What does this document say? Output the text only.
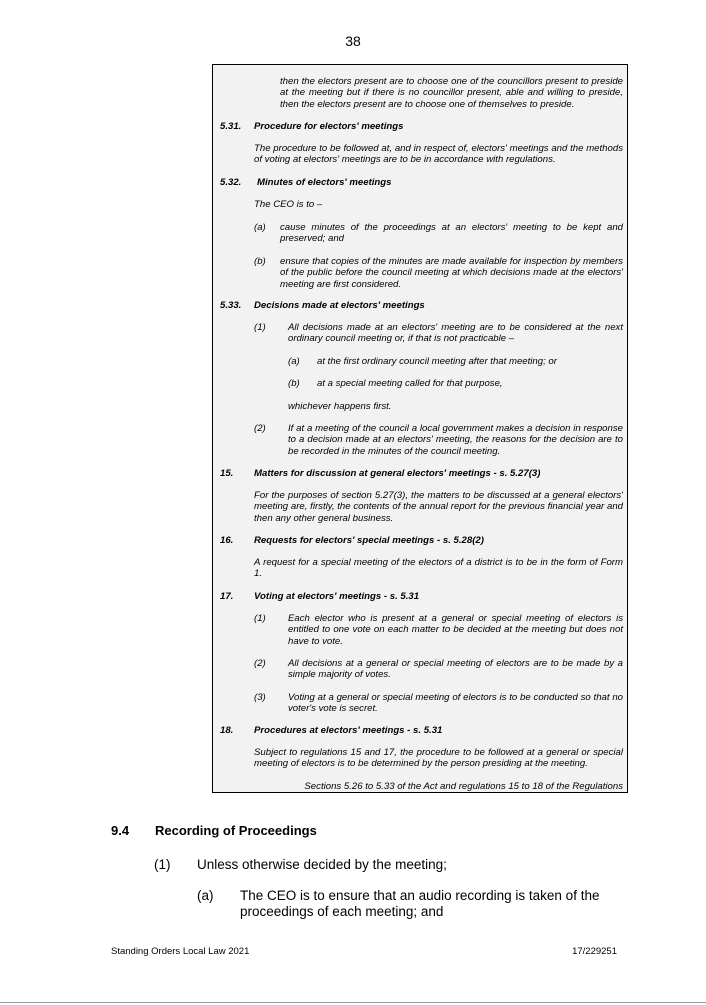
38
then the electors present are to choose one of the councillors present to preside at the meeting but if there is no councillor present, able and willing to preside, then the electors present are to choose one of themselves to preside.
5.31. Procedure for electors' meetings
The procedure to be followed at, and in respect of, electors' meetings and the methods of voting at electors' meetings are to be in accordance with regulations.
5.32. Minutes of electors' meetings
The CEO is to –
(a) cause minutes of the proceedings at an electors' meeting to be kept and preserved; and
(b) ensure that copies of the minutes are made available for inspection by members of the public before the council meeting at which decisions made at the electors' meeting are first considered.
5.33. Decisions made at electors' meetings
(1) All decisions made at an electors' meeting are to be considered at the next ordinary council meeting or, if that is not practicable –
(a) at the first ordinary council meeting after that meeting; or
(b) at a special meeting called for that purpose,
whichever happens first.
(2) If at a meeting of the council a local government makes a decision in response to a decision made at an electors' meeting, the reasons for the decision are to be recorded in the minutes of the council meeting.
15. Matters for discussion at general electors' meetings - s. 5.27(3)
For the purposes of section 5.27(3), the matters to be discussed at a general electors' meeting are, firstly, the contents of the annual report for the previous financial year and then any other general business.
16. Requests for electors' special meetings - s. 5.28(2)
A request for a special meeting of the electors of a district is to be in the form of Form 1.
17. Voting at electors' meetings - s. 5.31
(1) Each elector who is present at a general or special meeting of electors is entitled to one vote on each matter to be decided at the meeting but does not have to vote.
(2) All decisions at a general or special meeting of electors are to be made by a simple majority of votes.
(3) Voting at a general or special meeting of electors is to be conducted so that no voter's vote is secret.
18. Procedures at electors' meetings - s. 5.31
Subject to regulations 15 and 17, the procedure to be followed at a general or special meeting of electors is to be determined by the person presiding at the meeting.
Sections 5.26 to 5.33 of the Act and regulations 15 to 18 of the Regulations
9.4 Recording of Proceedings
(1) Unless otherwise decided by the meeting;
(a) The CEO is to ensure that an audio recording is taken of the proceedings of each meeting; and
Standing Orders Local Law 2021	17/229251
